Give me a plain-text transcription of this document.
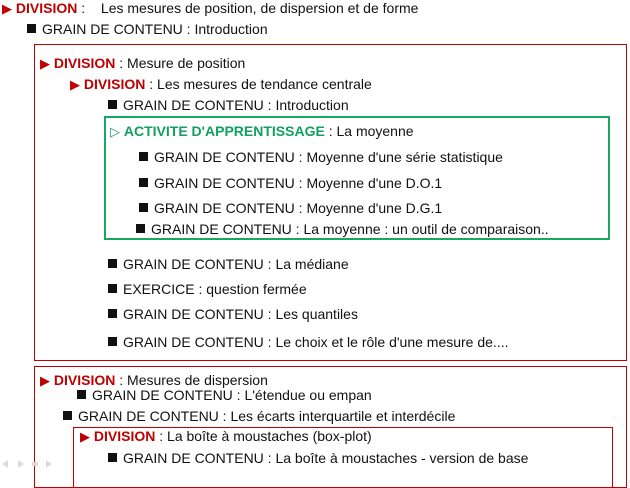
▶ DIVISION :  Les mesures de position, de dispersion et de forme
GRAIN DE CONTENU : Introduction
▶ DIVISION : Mesure de position
▶ DIVISION : Les mesures de tendance centrale
GRAIN DE CONTENU : Introduction
▷ ACTIVITE D'APPRENTISSAGE : La moyenne
GRAIN DE CONTENU : Moyenne d'une série statistique
GRAIN DE CONTENU : Moyenne d'une D.O.1
GRAIN DE CONTENU : Moyenne d'une D.G.1
GRAIN DE CONTENU : La moyenne : un outil de comparaison..
GRAIN DE CONTENU : La médiane
EXERCICE : question fermée
GRAIN DE CONTENU : Les quantiles
GRAIN DE CONTENU : Le choix et le rôle d'une mesure de....
▶ DIVISION : Mesures de dispersion
GRAIN DE CONTENU : L'étendue ou empan
GRAIN DE CONTENU : Les écarts interquartile et interdécile
▶ DIVISION : La boîte à moustaches (box-plot)
GRAIN DE CONTENU : La boîte à moustaches - version de base
